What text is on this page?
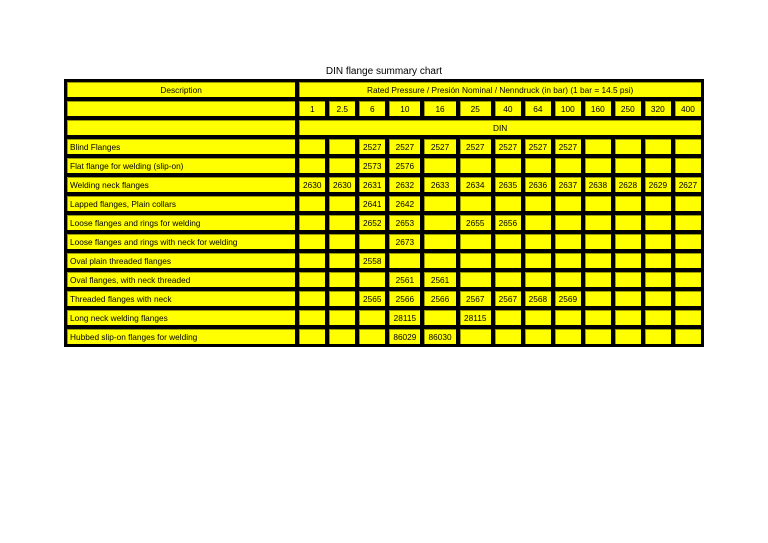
DIN flange summary chart
Description	Rated Pressure / Presión Nominal / Nenndruck (in bar) (1 bar = 14.5 psi)												
	1	2.5	6	10	16	25	40	64	100	160	250	320	400
	DIN												
Blind Flanges			2527	2527	2527	2527	2527	2527	2527				
Flat flange for welding (slip-on)			2573	2576									
Welding neck flanges	2630	2630	2631	2632	2633	2634	2635	2636	2637	2638	2628	2629	2627
Lapped flanges, Plain collars			2641	2642									
Loose flanges and rings for welding			2652	2653		2655	2656						
Loose flanges and rings with neck for welding				2673									
Oval plain threaded flanges			2558										
Oval flanges, with neck threaded				2561	2561								
Threaded flanges with neck			2565	2566	2566	2567	2567	2568	2569				
Long neck welding flanges				28115		28115							
Hubbed slip-on flanges for welding				86029	86030								
